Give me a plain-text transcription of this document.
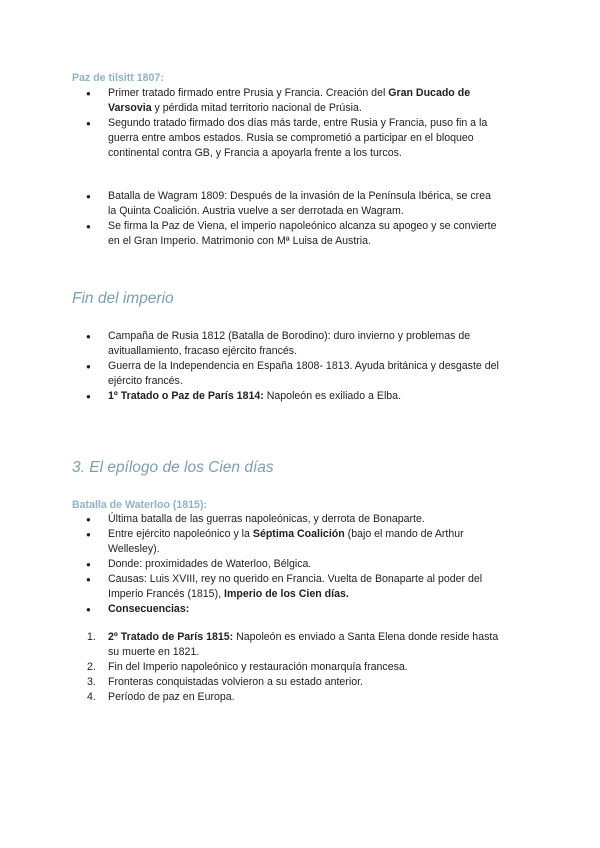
Paz de tilsitt 1807:
● Primer tratado firmado entre Prusia y Francia. Creación del Gran Ducado de Varsovia y pérdida mitad territorio nacional de Prúsia.
● Segundo tratado firmado dos días más tarde, entre Rusia y Francia, puso fin a la guerra entre ambos estados. Rusia se comprometió a participar en el bloqueo continental contra GB, y Francia a apoyarla frente a los turcos.
● Batalla de Wagram 1809: Después de la invasión de la Península Ibérica, se crea la Quinta Coalición. Austria vuelve a ser derrotada en Wagram.
● Se firma la Paz de Viena, el imperio napoleónico alcanza su apogeo y se convierte en el Gran Imperio. Matrimonio con Mª Luisa de Austria.
Fin del imperio
● Campaña de Rusia 1812 (Batalla de Borodino): duro invierno y problemas de avituallamiento, fracaso ejército francés.
● Guerra de la Independencia en España 1808- 1813. Ayuda británica y desgaste del ejército francés.
● 1º Tratado o Paz de París 1814: Napoleón es exiliado a Elba.
3. El epílogo de los Cien días
Batalla de Waterloo (1815):
● Última batalla de las guerras napoleónicas, y derrota de Bonaparte.
● Entre ejército napoleónico y la Séptima Coalición (bajo el mando de Arthur Wellesley).
● Donde: proximidades de Waterloo, Bélgica.
● Causas: Luis XVIII, rey no querido en Francia. Vuelta de Bonaparte al poder del Imperio Francés (1815), Imperio de los Cien días.
● Consecuencias:
1. 2º Tratado de París 1815: Napoleón es enviado a Santa Elena donde reside hasta su muerte en 1821.
2. Fin del Imperio napoleónico y restauración monarquía francesa.
3. Fronteras conquistadas volvieron a su estado anterior.
4. Período de paz en Europa.
